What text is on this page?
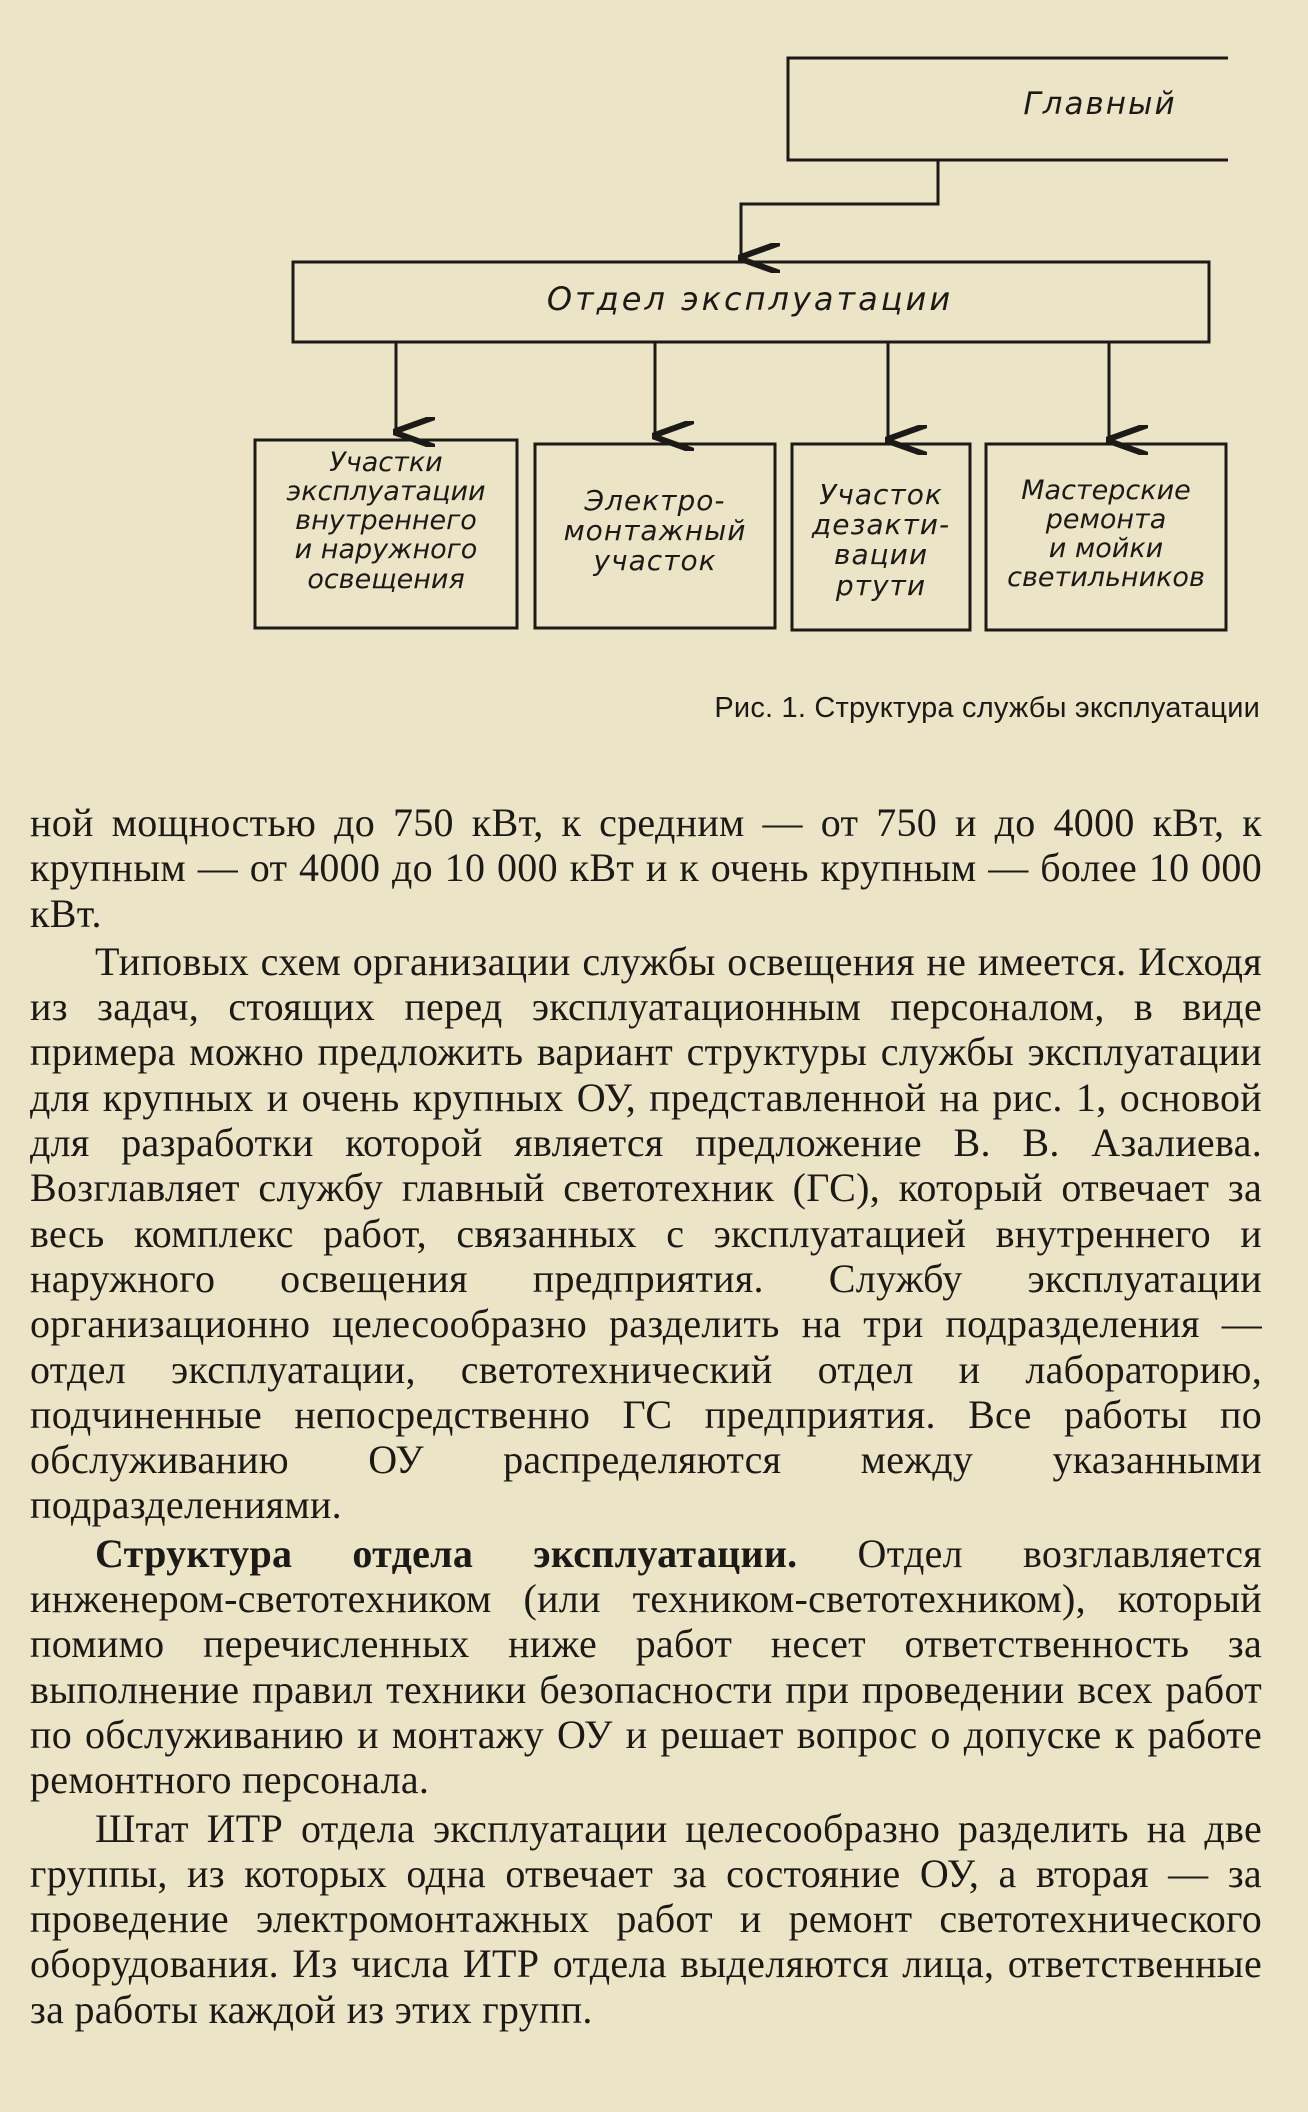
Главный
Отдел эксплуатации
Участки
эксплуатации
внутреннего
и наружного
освещения
Электро-
монтажный
участок
Участок
дезакти-
вации
ртути
Мастерские
ремонта
и мойки
светильников
Рис. 1. Структура службы эксплуатации

ной мощностью до 750 кВт, к средним — от 750 и до 4000 кВт, к крупным — от 4000 до 10 000 кВт и к очень крупным — более 10 000 кВт.

Типовых схем организации службы освещения не имеется. Исходя из задач, стоящих перед эксплуатационным персоналом, в виде примера можно предложить вариант структуры службы эксплуатации для крупных и очень крупных ОУ, представленной на рис. 1, основой для разработки которой является предложение В. В. Азалиева. Возглавляет службу главный светотехник (ГС), который отвечает за весь комплекс работ, связанных с эксплуатацией внутреннего и наружного освещения предприятия. Службу эксплуатации организационно целесообразно разделить на три подразделения — отдел эксплуатации, светотехнический отдел и лабораторию, подчиненные непосредственно ГС предприятия. Все работы по обслуживанию ОУ распределяются между указанными подразделениями.

Структура отдела эксплуатации. Отдел возглавляется инженером-светотехником (или техником-светотехником), который помимо перечисленных ниже работ несет ответственность за выполнение правил техники безопасности при проведении всех работ по обслуживанию и монтажу ОУ и решает вопрос о допуске к работе ремонтного персонала.

Штат ИТР отдела эксплуатации целесообразно разделить на две группы, из которых одна отвечает за состояние ОУ, а вторая — за проведение электромонтажных работ и ремонт светотехнического оборудования. Из числа ИТР отдела выделяются лица, ответственные за работы каждой из этих групп.
